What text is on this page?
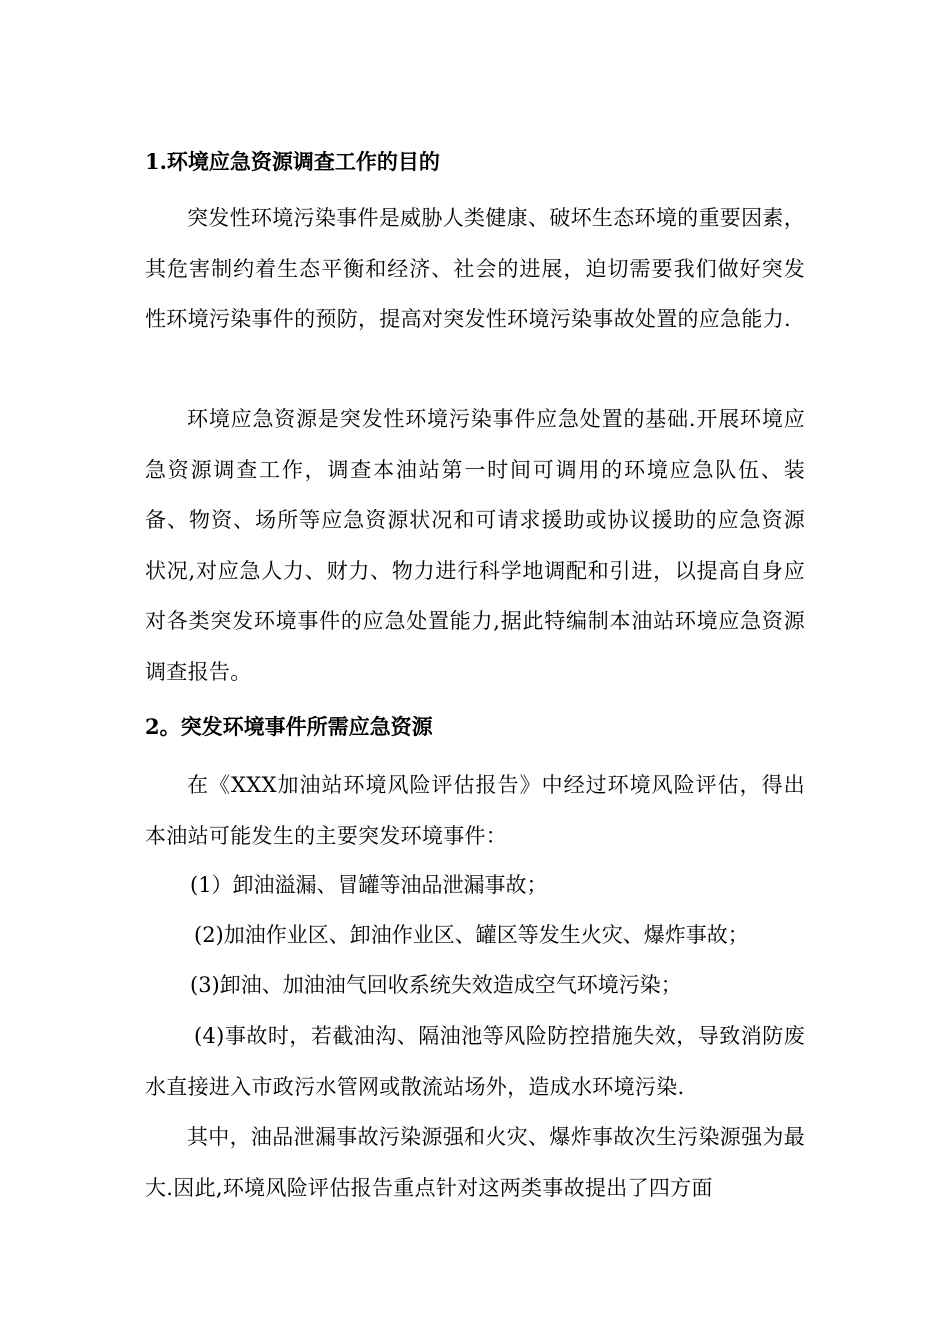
1.环境应急资源调查工作的目的
突发性环境污染事件是威胁人类健康、破坏生态环境的重要因素，其危害制约着生态平衡和经济、社会的进展，迫切需要我们做好突发性环境污染事件的预防，提高对突发性环境污染事故处置的应急能力.
环境应急资源是突发性环境污染事件应急处置的基础.开展环境应急资源调查工作，调查本油站第一时间可调用的环境应急队伍、装备、物资、场所等应急资源状况和可请求援助或协议援助的应急资源状况,对应急人力、财力、物力进行科学地调配和引进，以提高自身应对各类突发环境事件的应急处置能力,据此特编制本油站环境应急资源调查报告。
2。突发环境事件所需应急资源
在《XXX加油站环境风险评估报告》中经过环境风险评估，得出本油站可能发生的主要突发环境事件：
(1）卸油溢漏、冒罐等油品泄漏事故；
(2)加油作业区、卸油作业区、罐区等发生火灾、爆炸事故；
(3)卸油、加油油气回收系统失效造成空气环境污染；
(4)事故时，若截油沟、隔油池等风险防控措施失效，导致消防废水直接进入市政污水管网或散流站场外，造成水环境污染.
其中，油品泄漏事故污染源强和火灾、爆炸事故次生污染源强为最大.因此,环境风险评估报告重点针对这两类事故提出了四方面
